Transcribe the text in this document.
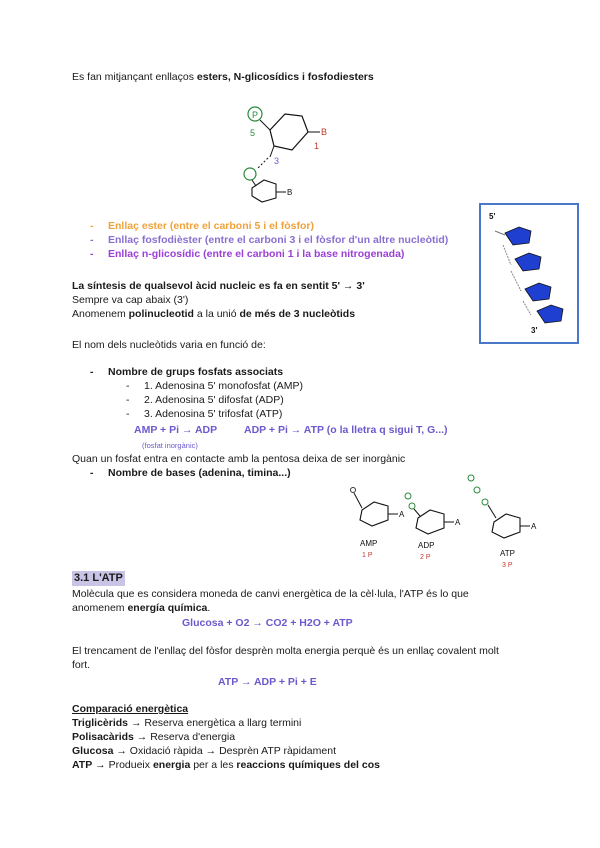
Es fan mitjançant enllaços esters, N-glicosídics i fosfodiesters
P
5	B
1
3
B
- Enllaç ester (entre el carboni 5 i el fòsfor)
- Enllaç fosfodièster (entre el carboni 3 i el fòsfor d'un altre nucleòtid)
- Enllaç n-glicosídic (entre el carboni 1 i la base nitrogenada)
5'
3'
La síntesis de qualsevol àcid nucleic es fa en sentit 5' → 3'
Sempre va cap abaix (3')
Anomenem polinucleotid a la unió de més de 3 nucleòtids
El nom dels nucleòtids varia en funció de:
- Nombre de grups fosfats associats
- 1. Adenosina 5' monofosfat (AMP)
- 2. Adenosina 5' difosfat (ADP)
- 3. Adenosina 5' trifosfat (ATP)
AMP + Pi → ADP	ADP + Pi → ATP (o la lletra q sigui T, G...)
(fosfat inorgànic)
Quan un fosfat entra en contacte amb la pentosa deixa de ser inorgànic
- Nombre de bases (adenina, timina...)
A
AMP
1 P
A
ADP
2 P
A
ATP
3 P
3.1 L'ATP
Molècula que es considera moneda de canvi energètica de la cèl·lula, l'ATP és lo que
anomenem energía química.
Glucosa + O2 → CO2 + H2O + ATP
El trencament de l'enllaç del fòsfor desprèn molta energia perquè és un enllaç covalent molt
fort.
ATP → ADP + Pi + E
Comparació energètica
Triglicèrids → Reserva energètica a llarg termini
Polisacàrids → Reserva d'energia
Glucosa → Oxidació ràpida → Desprèn ATP ràpidament
ATP → Produeix energia per a les reaccions químiques del cos
